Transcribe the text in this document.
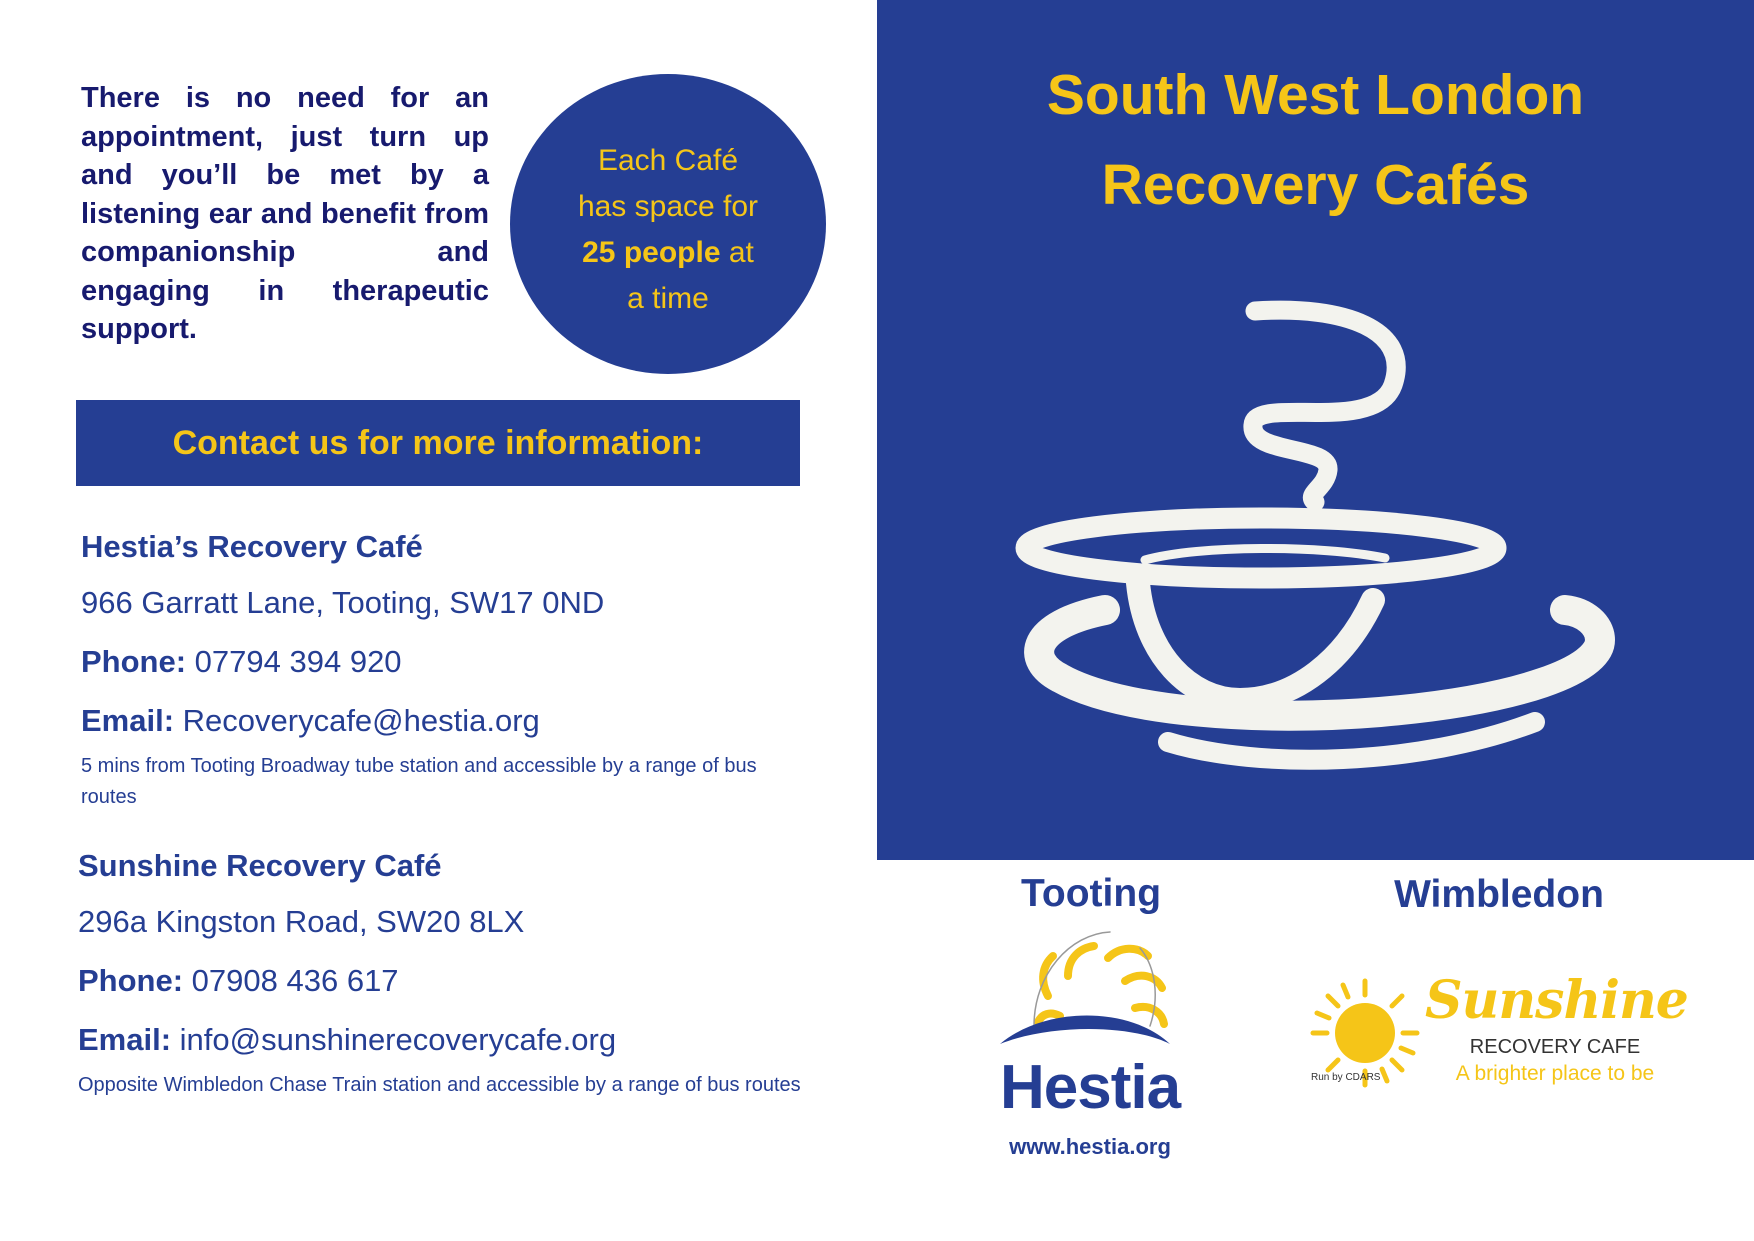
There is no need for an appointment, just turn up and you’ll be met by a listening ear and benefit from companionship and engaging in therapeutic support.

Each Café
has space for
25 people at
a time
Contact us for more information:

Hestia’s Recovery Café

966 Garratt Lane, Tooting, SW17 0ND

Phone: 07794 394 920

Email: Recoverycafe@hestia.org

5 mins from Tooting Broadway tube station and accessible by a range of bus routes

Sunshine Recovery Café

296a Kingston Road, SW20 8LX

Phone: 07908 436 617

Email: info@sunshinerecoverycafe.org

Opposite Wimbledon Chase Train station and accessible by a range of bus routes

South West London
Recovery Cafés
Tooting	Wimbledon
Hestia
www.hestia.org
Sunshine
RECOVERY CAFE
A brighter place to be
Run by CDARS
